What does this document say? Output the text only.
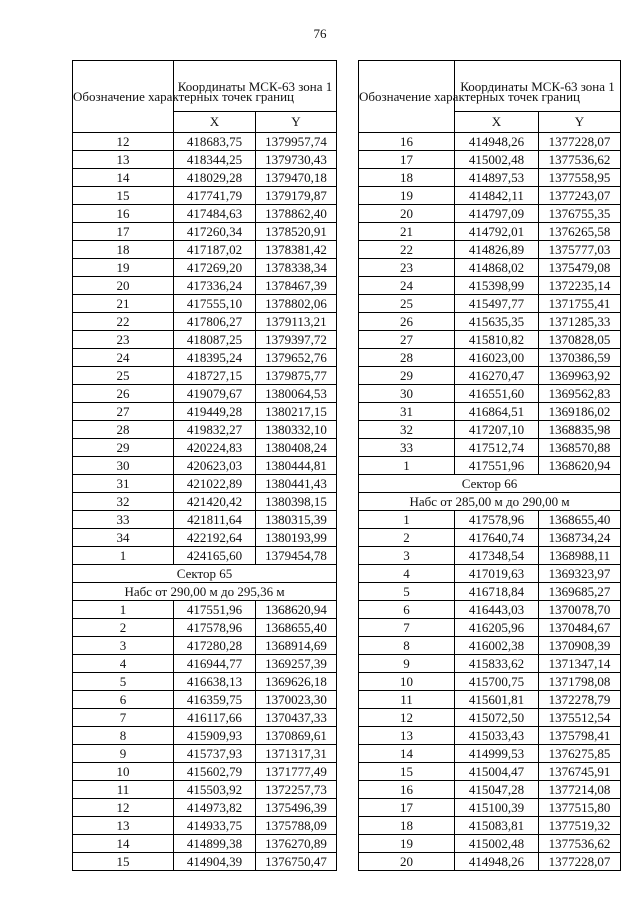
76
Обозначение характерных точек границ	Координаты МСК-63 зона 1	
	X	Y
12	418683,75	1379957,74
13	418344,25	1379730,43
14	418029,28	1379470,18
15	417741,79	1379179,87
16	417484,63	1378862,40
17	417260,34	1378520,91
18	417187,02	1378381,42
19	417269,20	1378338,34
20	417336,24	1378467,39
21	417555,10	1378802,06
22	417806,27	1379113,21
23	418087,25	1379397,72
24	418395,24	1379652,76
25	418727,15	1379875,77
26	419079,67	1380064,53
27	419449,28	1380217,15
28	419832,27	1380332,10
29	420224,83	1380408,24
30	420623,03	1380444,81
31	421022,89	1380441,43
32	421420,42	1380398,15
33	421811,64	1380315,39
34	422192,64	1380193,99
1	424165,60	1379454,78
Сектор 65		
Набс от 290,00 м до 295,36 м		
1	417551,96	1368620,94
2	417578,96	1368655,40
3	417280,28	1368914,69
4	416944,77	1369257,39
5	416638,13	1369626,18
6	416359,75	1370023,30
7	416117,66	1370437,33
8	415909,93	1370869,61
9	415737,93	1371317,31
10	415602,79	1371777,49
11	415503,92	1372257,73
12	414973,82	1375496,39
13	414933,75	1375788,09
14	414899,38	1376270,89
15	414904,39	1376750,47
Обозначение характерных точек границ	Координаты МСК-63 зона 1	
	X	Y
16	414948,26	1377228,07
17	415002,48	1377536,62
18	414897,53	1377558,95
19	414842,11	1377243,07
20	414797,09	1376755,35
21	414792,01	1376265,58
22	414826,89	1375777,03
23	414868,02	1375479,08
24	415398,99	1372235,14
25	415497,77	1371755,41
26	415635,35	1371285,33
27	415810,82	1370828,05
28	416023,00	1370386,59
29	416270,47	1369963,92
30	416551,60	1369562,83
31	416864,51	1369186,02
32	417207,10	1368835,98
33	417512,74	1368570,88
1	417551,96	1368620,94
Сектор 66		
Набс от 285,00 м до 290,00 м		
1	417578,96	1368655,40
2	417640,74	1368734,24
3	417348,54	1368988,11
4	417019,63	1369323,97
5	416718,84	1369685,27
6	416443,03	1370078,70
7	416205,96	1370484,67
8	416002,38	1370908,39
9	415833,62	1371347,14
10	415700,75	1371798,08
11	415601,81	1372278,79
12	415072,50	1375512,54
13	415033,43	1375798,41
14	414999,53	1376275,85
15	415004,47	1376745,91
16	415047,28	1377214,08
17	415100,39	1377515,80
18	415083,81	1377519,32
19	415002,48	1377536,62
20	414948,26	1377228,07
